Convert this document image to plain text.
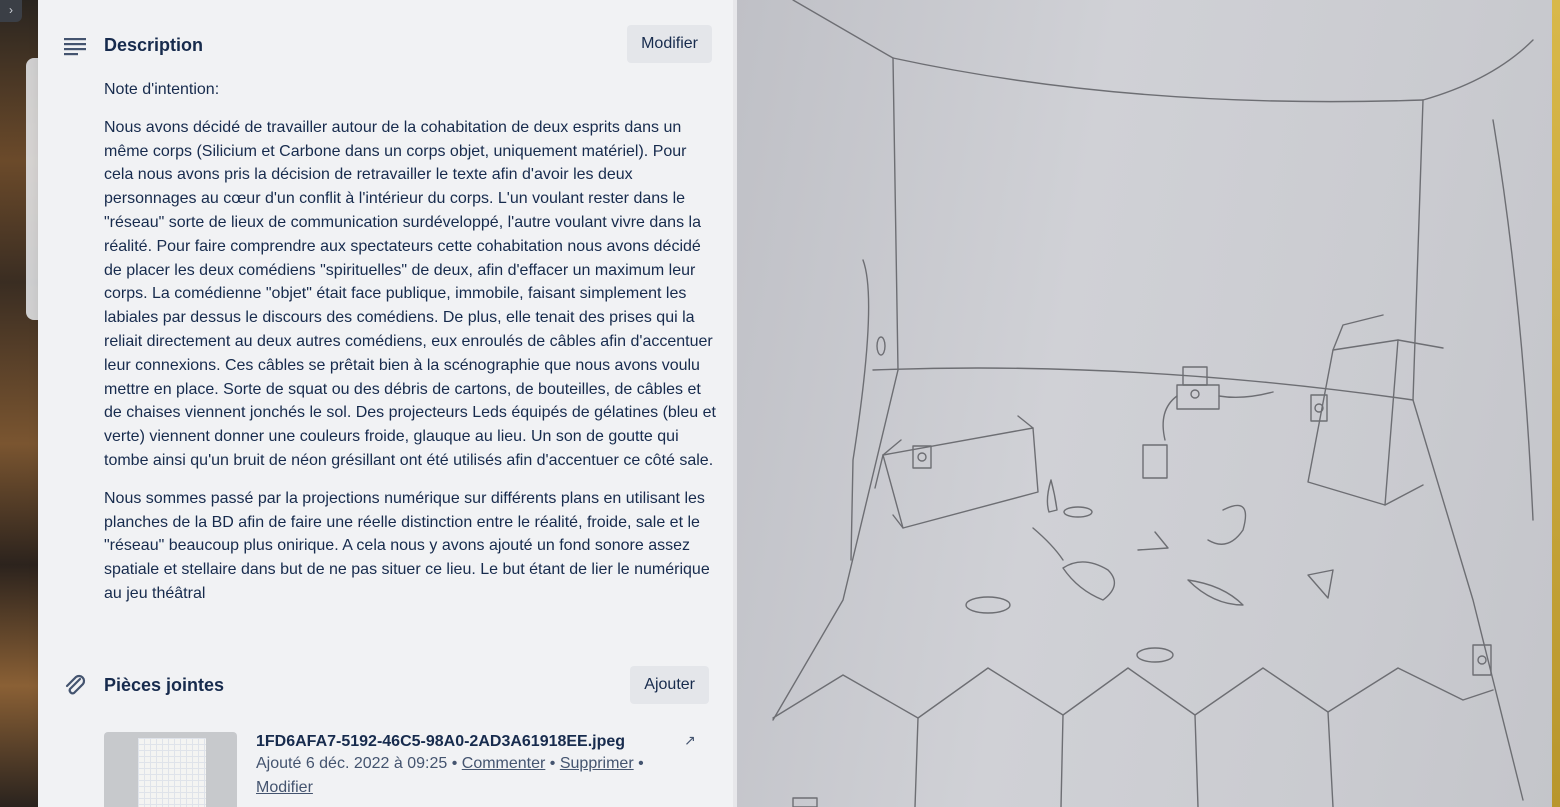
›
Description	Modifier

Note d'intention:

Nous avons décidé de travailler autour de la cohabitation de deux esprits dans un même corps (Silicium et Carbone dans un corps objet, uniquement matériel). Pour cela nous avons pris la décision de retravailler le texte afin d'avoir les deux personnages au cœur d'un conflit à l'intérieur du corps. L'un voulant rester dans le "réseau" sorte de lieux de communication surdéveloppé, l'autre voulant vivre dans la réalité. Pour faire comprendre aux spectateurs cette cohabitation nous avons décidé de placer les deux comédiens "spirituelles" de deux, afin d'effacer un maximum leur corps. La comédienne "objet" était face publique, immobile, faisant simplement les labiales par dessus le discours des comédiens. De plus, elle tenait des prises qui la reliait directement au deux autres comédiens, eux enroulés de câbles afin d'accentuer leur connexions. Ces câbles se prêtait bien à la scénographie que nous avons voulu mettre en place. Sorte de squat ou des débris de cartons, de bouteilles, de câbles et de chaises viennent jonchés le sol. Des projecteurs Leds équipés de gélatines (bleu et verte) viennent donner une couleurs froide, glauque au lieu. Un son de goutte qui tombe ainsi qu'un bruit de néon grésillant ont été utilisés afin d'accentuer ce côté sale.

Nous sommes passé par la projections numérique sur différents plans en utilisant les planches de la BD afin de faire une réelle distinction entre le réalité, froide, sale et le "réseau" beaucoup plus onirique. A cela nous y avons ajouté un fond sonore assez spatiale et stellaire dans but de ne pas situer ce lieu. Le but étant de lier le numérique au jeu théâtral

Pièces jointes	Ajouter
1FD6AFA7-5192-46C5-98A0-2AD3A61918EE.jpeg	↗
Ajouté 6 déc. 2022 à 09:25 • Commenter • Supprimer •
Modifier
